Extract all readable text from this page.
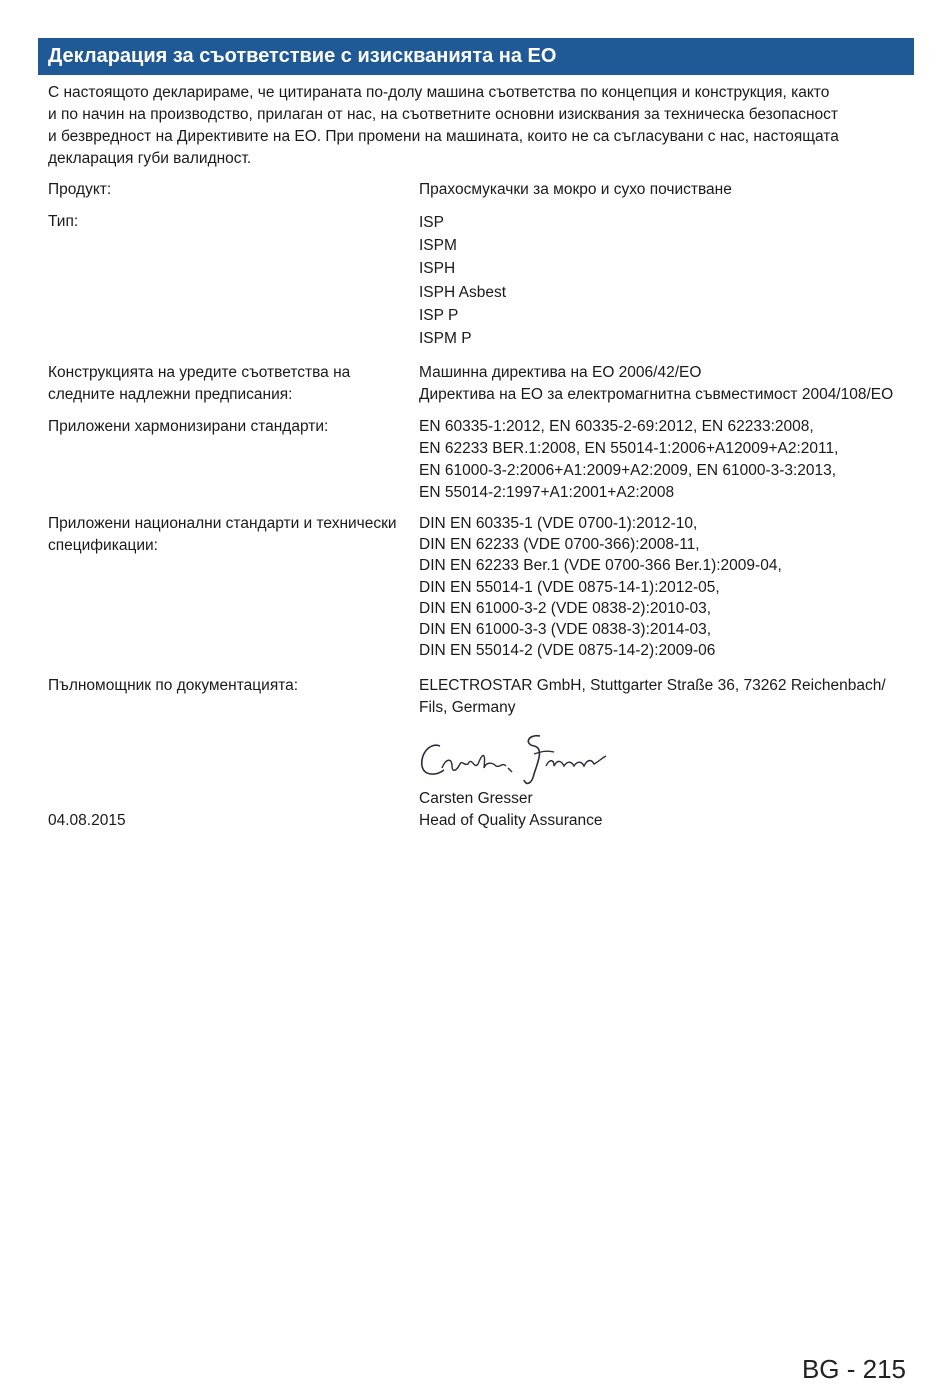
Декларация за съответствие с изискванията на ЕО
С настоящото декларираме, че цитираната по-долу машина съответства по концепция и конструкция, както
и по начин на производство, прилаган от нас, на съответните основни изисквания за техническа безопасност
и безвредност на Директивите на ЕО. При промени на машината, които не са съгласувани с нас, настоящата
декларация губи валидност.
Продукт:	Прахосмукачки за мокро и сухо почистване
Тип:	ISP
ISPM
ISPH
ISPH Asbest
ISP P
ISPM P
Конструкцията на уредите съответства на
следните надлежни предписания:
Машинна директива на ЕО 2006/42/ЕО
Директива на ЕО за електромагнитна съвместимост 2004/108/ЕО
Приложени хармонизирани стандарти:	EN 60335-1:2012, EN 60335-2-69:2012, EN 62233:2008,
EN 62233 BER.1:2008, EN 55014-1:2006+A12009+A2:2011,
EN 61000-3-2:2006+A1:2009+A2:2009, EN 61000-3-3:2013,
EN 55014-2:1997+A1:2001+A2:2008
Приложени национални стандарти и технически
спецификации:
DIN EN 60335-1 (VDE 0700-1):2012-10,
DIN EN 62233 (VDE 0700-366):2008-11,
DIN EN 62233 Ber.1 (VDE 0700-366 Ber.1):2009-04,
DIN EN 55014-1 (VDE 0875-14-1):2012-05,
DIN EN 61000-3-2 (VDE 0838-2):2010-03,
DIN EN 61000-3-3 (VDE 0838-3):2014-03,
DIN EN 55014-2 (VDE 0875-14-2):2009-06
Пълномощник по документацията:	ELECTROSTAR GmbH, Stuttgarter Straße 36, 73262 Reichenbach/
Fils, Germany

04.08.2015
Carsten Gresser
Head of Quality Assurance
BG - 215
